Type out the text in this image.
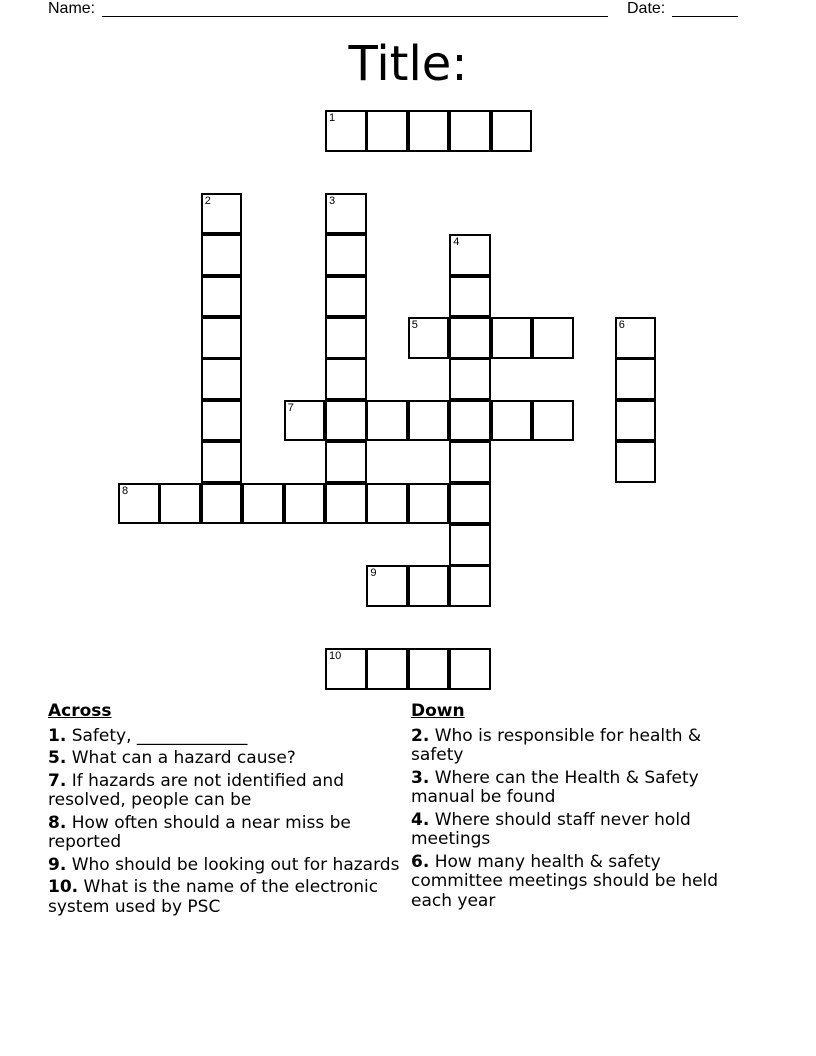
Name:	Date:
Title:
1
2	3
4
5	6
7
8
9
10
Across
1. Safety, _____________
5. What can a hazard cause?
7. If hazards are not identified and resolved, people can be
8. How often should a near miss be reported
9. Who should be looking out for hazards
10. What is the name of the electronic system used by PSC
Down
2. Who is responsible for health & safety
3. Where can the Health & Safety manual be found
4. Where should staff never hold meetings
6. How many health & safety committee meetings should be held each year
